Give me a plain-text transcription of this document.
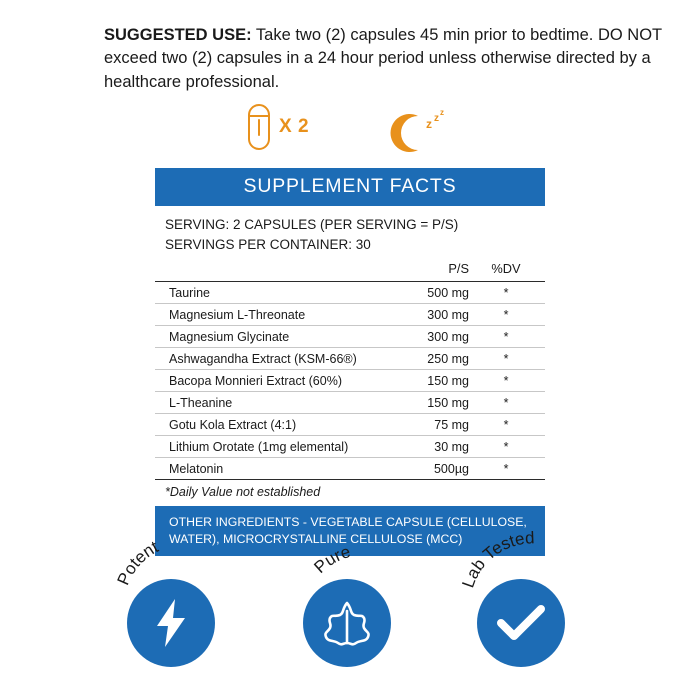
SUGGESTED USE: Take two (2) capsules 45 min prior to bedtime. DO NOT exceed two (2) capsules in a 24 hour period unless otherwise directed by a healthcare professional.
X 2	z z
z
SUPPLEMENT FACTS
SERVING: 2 CAPSULES (PER SERVING = P/S)
SERVINGS PER CONTAINER: 30
	P/S	%DV
Taurine	500 mg	*
Magnesium L-Threonate	300 mg	*
Magnesium Glycinate	300 mg	*
Ashwagandha Extract (KSM-66®)	250 mg	*
Bacopa Monnieri Extract (60%)	150 mg	*
L-Theanine	150 mg	*
Gotu Kola Extract (4:1)	75 mg	*
Lithium Orotate (1mg elemental)	30 mg	*
Melatonin	500µg	*
*Daily Value not established
OTHER INGREDIENTS - VEGETABLE CAPSULE (CELLULOSE, WATER), MICROCRYSTALLINE CELLULOSE (MCC)
Potent
Pure
Lab Tested
